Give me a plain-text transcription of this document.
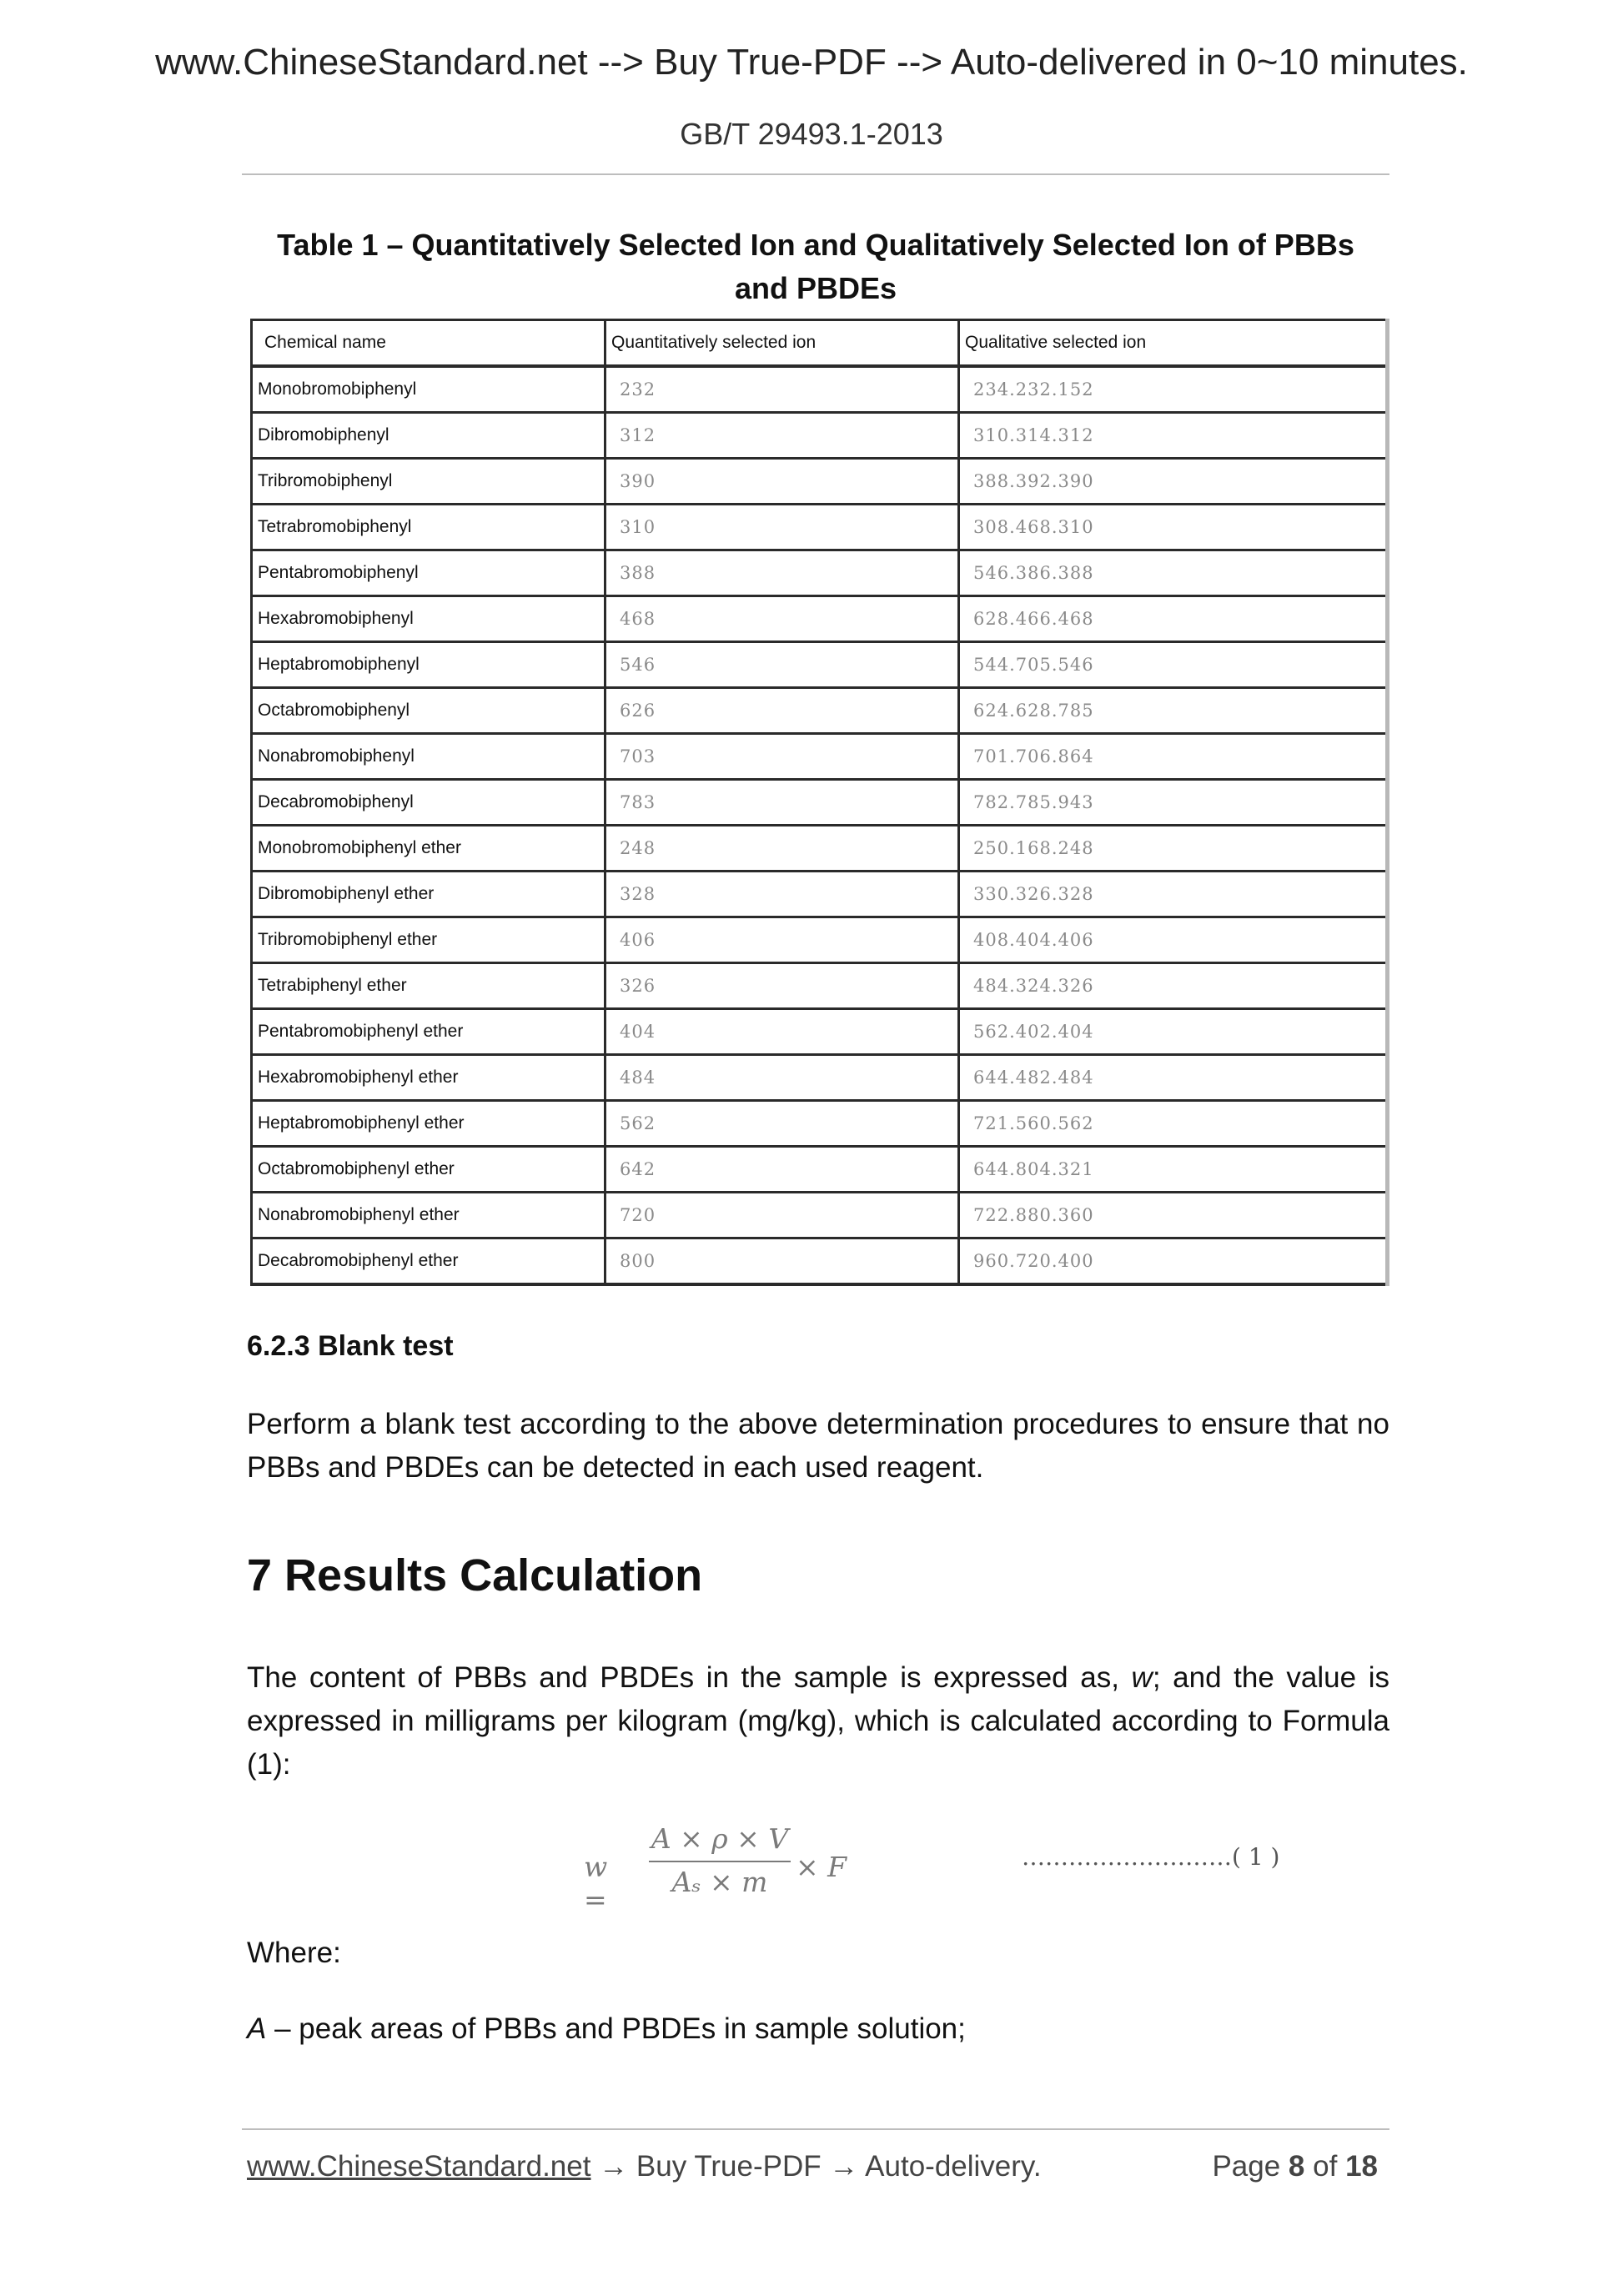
www.ChineseStandard.net --> Buy True-PDF --> Auto-delivered in 0~10 minutes.
GB/T 29493.1-2013
Table 1 – Quantitatively Selected Ion and Qualitatively Selected Ion of PBBs
and PBDEs
Chemical name	Quantitatively selected ion	Qualitative selected ion
Monobromobiphenyl	232	234.232.152
Dibromobiphenyl	312	310.314.312
Tribromobiphenyl	390	388.392.390
Tetrabromobiphenyl	310	308.468.310
Pentabromobiphenyl	388	546.386.388
Hexabromobiphenyl	468	628.466.468
Heptabromobiphenyl	546	544.705.546
Octabromobiphenyl	626	624.628.785
Nonabromobiphenyl	703	701.706.864
Decabromobiphenyl	783	782.785.943
Monobromobiphenyl ether	248	250.168.248
Dibromobiphenyl ether	328	330.326.328
Tribromobiphenyl ether	406	408.404.406
Tetrabiphenyl ether	326	484.324.326
Pentabromobiphenyl ether	404	562.402.404
Hexabromobiphenyl ether	484	644.482.484
Heptabromobiphenyl ether	562	721.560.562
Octabromobiphenyl ether	642	644.804.321
Nonabromobiphenyl ether	720	722.880.360
Decabromobiphenyl ether	800	960.720.400
6.2.3 Blank test
Perform a blank test according to the above determination procedures to ensure that no PBBs and PBDEs can be detected in each used reagent.
7 Results Calculation
The content of PBBs and PBDEs in the sample is expressed as, w; and the value is expressed in milligrams per kilogram (mg/kg), which is calculated according to Formula (1):
w =
A × ρ × V
Aₛ × m	× F	………………………( 1 )
Where:
A – peak areas of PBBs and PBDEs in sample solution;
www.ChineseStandard.net → Buy True-PDF → Auto-delivery.	Page 8 of 18
